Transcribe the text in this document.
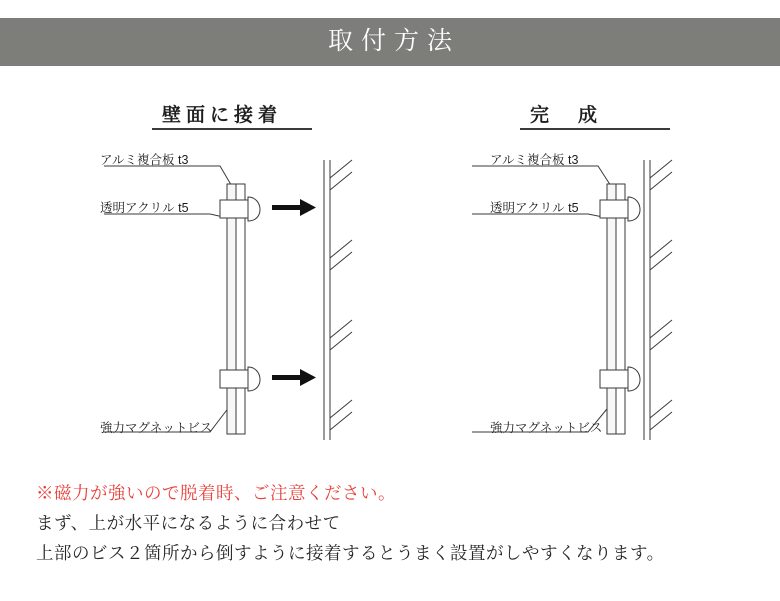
取付方法
壁面に接着	完　成
アルミ複合板 t3
透明アクリル t5
強力マグネットビス
アルミ複合板 t3
透明アクリル t5
強力マグネットビス
※磁力が強いので脱着時、ご注意ください。
まず、上が水平になるように合わせて
上部のビス２箇所から倒すように接着するとうまく設置がしやすくなります。
